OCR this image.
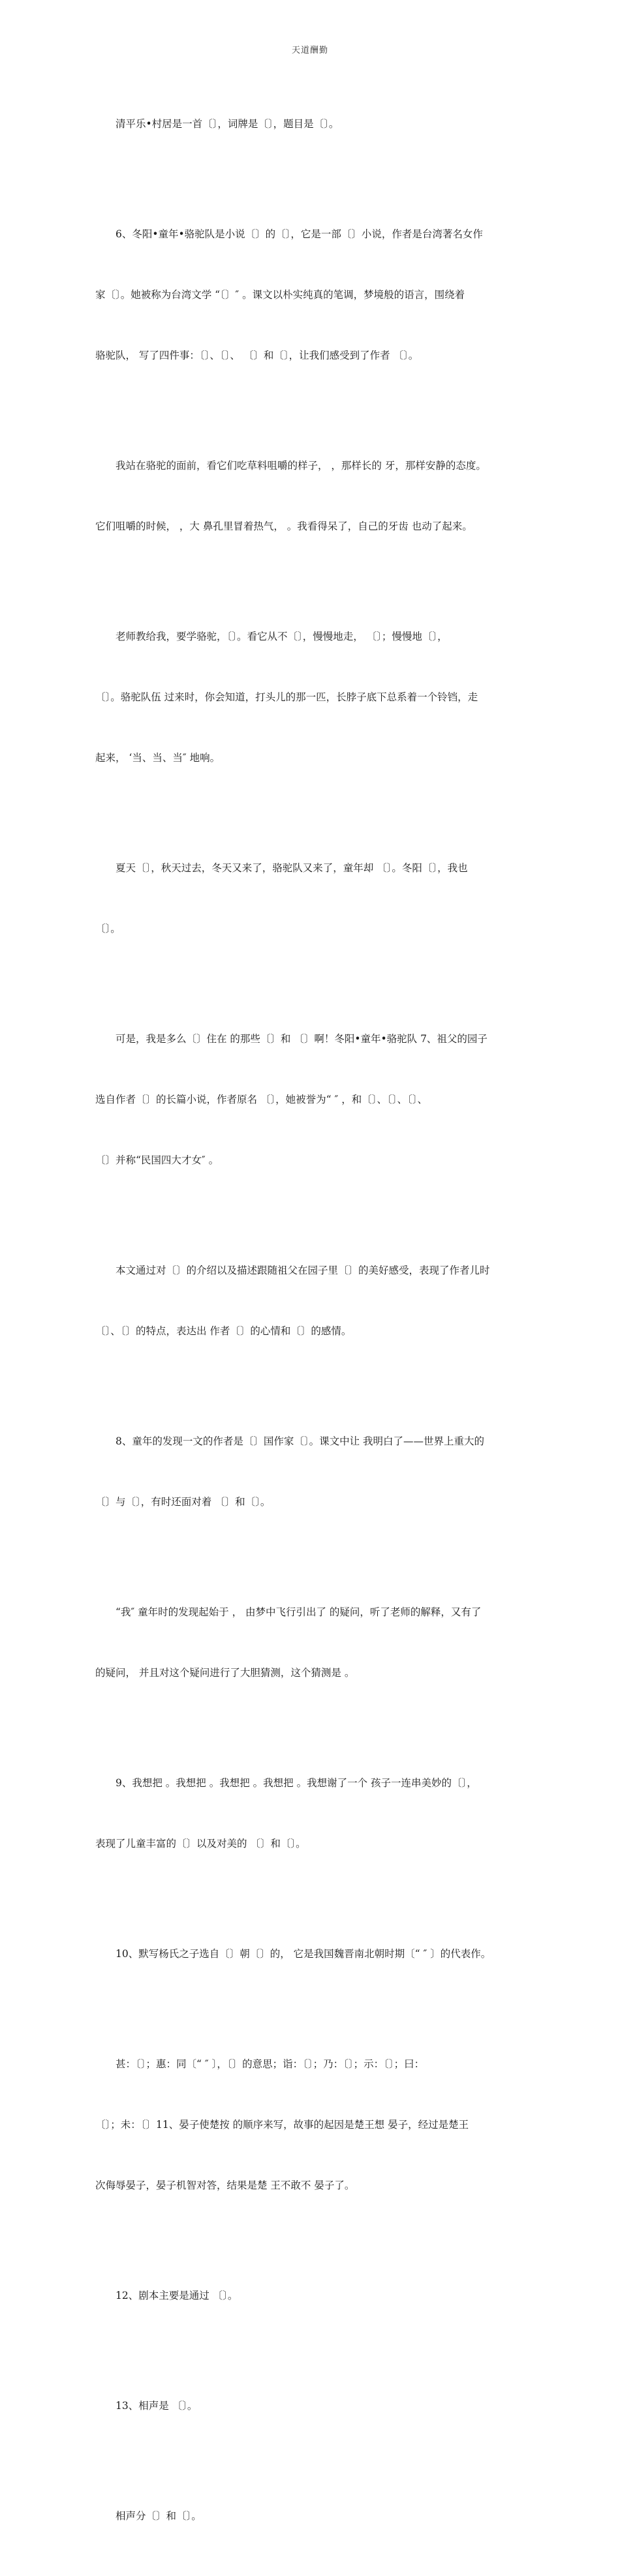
天道酬勤

清平乐•村居是一首〔〕，词牌是〔〕，题目是〔〕。

6、冬阳•童年•骆驼队是小说〔〕的〔〕，它是一部〔〕小说，作者是台湾著名女作

家〔〕。她被称为台湾文学 “〔〕″ 。课文以朴实纯真的笔调，梦境般的语言，围绕着

骆驼队， 写了四件事：〔〕、〔〕、 〔〕和〔〕，让我们感受到了作者 〔〕。

我站在骆驼的面前，看它们吃草料咀嚼的样子， ，那样长的 牙，那样安静的态度。

它们咀嚼的时候， ，大 鼻孔里冒着热气， 。我看得呆了，自己的牙齿 也动了起来。

老师教给我，要学骆驼，〔〕。看它从不〔〕，慢慢地走， 〔〕；慢慢地〔〕，

〔〕。骆驼队伍 过来时，你会知道，打头儿的那一匹，长脖子底下总系着一个铃铛，走

起来， ‘当、当、当″ 地响。

夏天〔〕，秋天过去，冬天又来了，骆驼队又来了，童年却 〔〕。冬阳〔〕，我也

〔〕。

可是，我是多么〔〕住在 的那些〔〕和 〔〕啊！冬阳•童年•骆驼队 7、祖父的园子

选自作者〔〕的长篇小说，作者原名 〔〕，她被誉为“ ″ ，和〔〕、〔〕、〔〕、

〔〕并称“民国四大才女″ 。

本文通过对〔〕的介绍以及描述跟随祖父在园子里〔〕的美好感受，表现了作者儿时

〔〕、〔〕的特点，表达出 作者〔〕的心情和〔〕的感情。

8、童年的发现一文的作者是〔〕国作家〔〕。课文中让 我明白了——世界上重大的

〔〕与〔〕，有时还面对着 〔〕和〔〕。

“我″ 童年时的发现起始于 ， 由梦中飞行引出了 的疑问，听了老师的解释，又有了

的疑问， 并且对这个疑问进行了大胆猜测，这个猜测是 。

9、我想把 。我想把 。我想把 。我想把 。我想谢了一个 孩子一连串美妙的〔〕，

表现了儿童丰富的〔〕以及对美的 〔〕和〔〕。

10、默写杨氏之子选自〔〕朝〔〕的， 它是我国魏晋南北朝时期〔“ ″ 〕的代表作。

甚：〔〕；惠：同〔“ ″ 〕，〔〕的意思；诣：〔〕；乃：〔〕；示：〔〕；曰：

〔〕；未：〔〕11、晏子使楚按 的顺序来写，故事的起因是楚王想 晏子，经过是楚王

次侮辱晏子，晏子机智对答，结果是楚 王不敢不 晏子了。

12、剧本主要是通过 〔〕。

13、相声是 〔〕。

相声分〔〕和〔〕。
